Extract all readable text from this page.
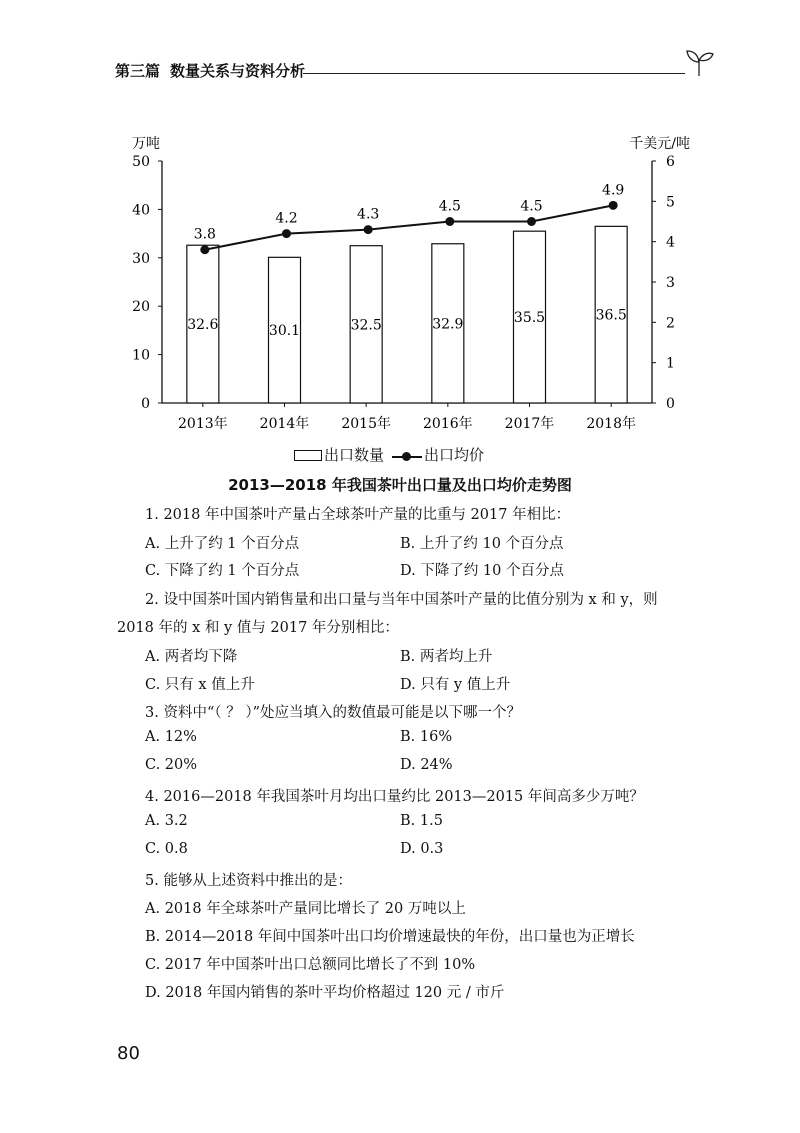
第三篇 数量关系与资料分析
万吨	千美元/吨
0
10
20
30
40
50
0
1
2
3
4
5
6
32.6
2013年
30.1
2014年
32.5
2015年
32.9
2016年
35.5
2017年
36.5
2018年
3.8
4.2	4.3
4.5	4.5
4.9
出口数量	出口均价
2013—2018 年我国茶叶出口量及出口均价走势图
1. 2018 年中国茶叶产量占全球茶叶产量的比重与 2017 年相比：
A. 上升了约 1 个百分点	B. 上升了约 10 个百分点
C. 下降了约 1 个百分点	D. 下降了约 10 个百分点
2. 设中国茶叶国内销售量和出口量与当年中国茶叶产量的比值分别为 x 和 y，则
2018 年的 x 和 y 值与 2017 年分别相比：
A. 两者均下降	B. 两者均上升
C. 只有 x 值上升	D. 只有 y 值上升
3. 资料中“（ ？ ）”处应当填入的数值最可能是以下哪一个？
A. 12%	B. 16%
C. 20%	D. 24%
4. 2016—2018 年我国茶叶月均出口量约比 2013—2015 年间高多少万吨？
A. 3.2	B. 1.5
C. 0.8	D. 0.3
5. 能够从上述资料中推出的是：
A. 2018 年全球茶叶产量同比增长了 20 万吨以上
B. 2014—2018 年间中国茶叶出口均价增速最快的年份，出口量也为正增长
C. 2017 年中国茶叶出口总额同比增长了不到 10%
D. 2018 年国内销售的茶叶平均价格超过 120 元 / 市斤
80
